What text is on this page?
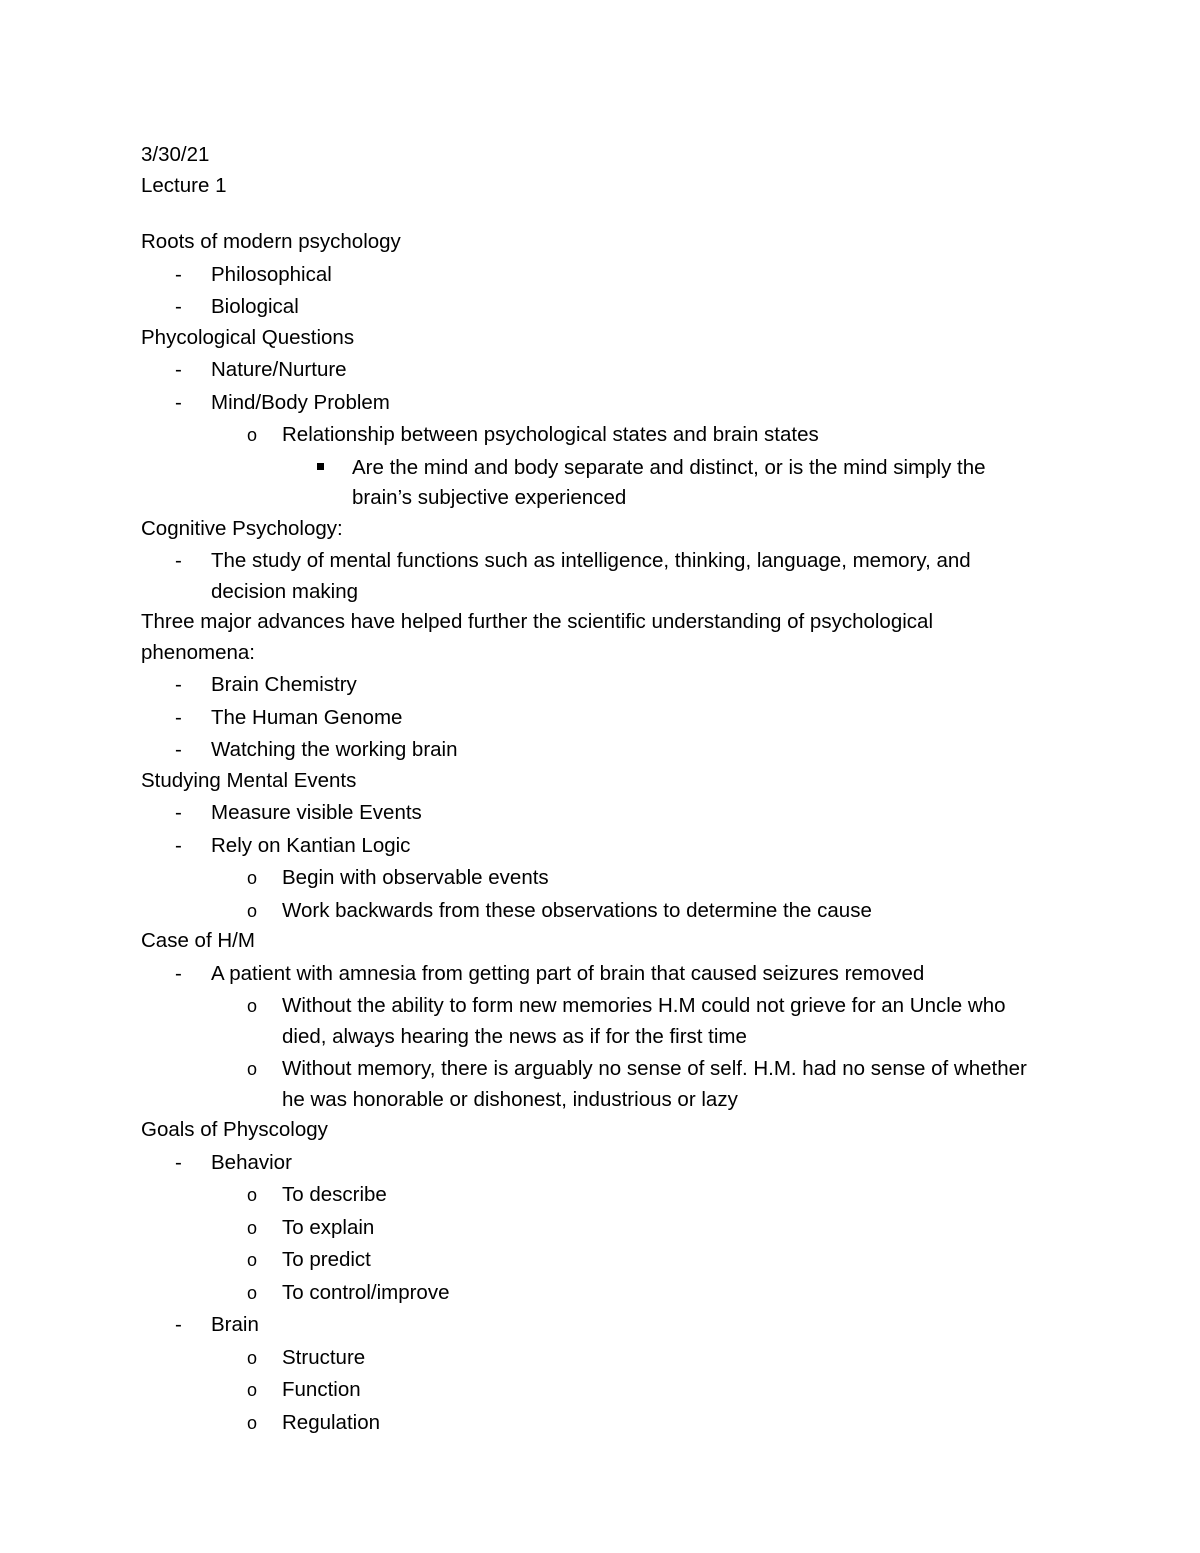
3/30/21
Lecture 1
Roots of modern psychology
-	Philosophical
-	Biological
Phycological Questions
-	Nature/Nurture
-	Mind/Body Problem
o	Relationship between psychological states and brain states
Are the mind and body separate and distinct, or is the mind simply the brain’s subjective experienced
Cognitive Psychology:
-	The study of mental functions such as intelligence, thinking, language, memory, and decision making
Three major advances have helped further the scientific understanding of psychological phenomena:
-	Brain Chemistry
-	The Human Genome
-	Watching the working brain
Studying Mental Events
-	Measure visible Events
-	Rely on Kantian Logic
o	Begin with observable events
o	Work backwards from these observations to determine the cause
Case of H/M
-	A patient with amnesia from getting part of brain that caused seizures removed
o	Without the ability to form new memories H.M could not grieve for an Uncle who died, always hearing the news as if for the first time
o	Without memory, there is arguably no sense of self. H.M. had no sense of whether he was honorable or dishonest, industrious or lazy
Goals of Physcology
-	Behavior
o	To describe
o	To explain
o	To predict
o	To control/improve
-	Brain
o	Structure
o	Function
o	Regulation
